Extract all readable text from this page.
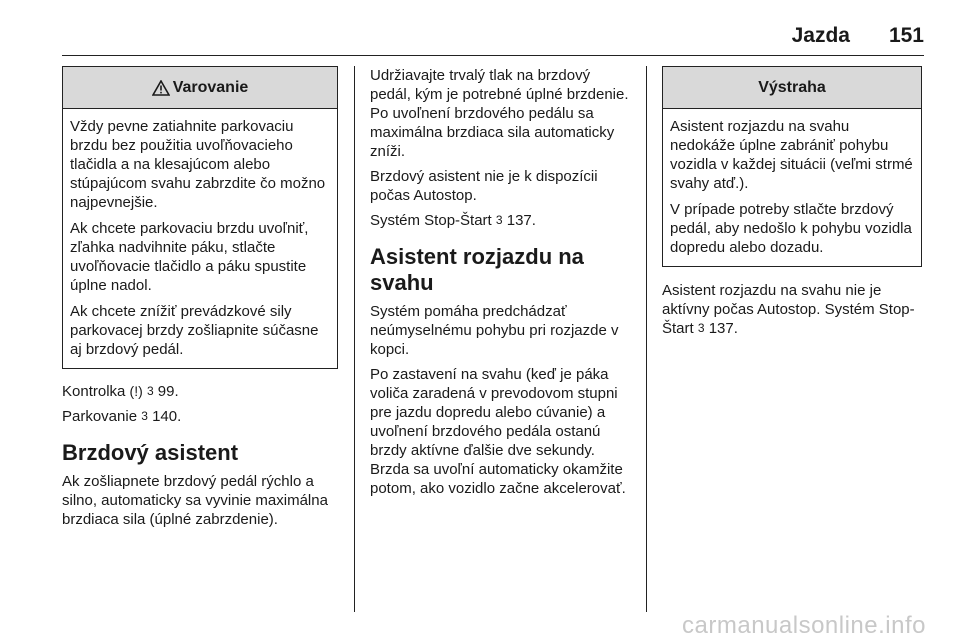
Jazda 151
Varovanie

Vždy pevne zatiahnite parkovaciu brzdu bez použitia uvoľňovacieho tlačidla a na klesajúcom alebo stúpajúcom svahu zabrzdite čo možno najpevnejšie.

Ak chcete parkovaciu brzdu uvoľniť, zľahka nadvihnite páku, stlačte uvoľňovacie tlačidlo a páku spustite úplne nadol.

Ak chcete znížiť prevádzkové sily parkovacej brzdy zošliapnite súčasne aj brzdový pedál.

Kontrolka (!) 3 99.

Parkovanie 3 140.

Brzdový asistent

Ak zošliapnete brzdový pedál rýchlo a silno, automaticky sa vyvinie maximálna brzdiaca sila (úplné zabrzdenie).

Udržiavajte trvalý tlak na brzdový pedál, kým je potrebné úplné brzdenie. Po uvoľnení brzdového pedálu sa maximálna brzdiaca sila automaticky zníži.

Brzdový asistent nie je k dispozícii počas Autostop.

Systém Stop-Štart 3 137.

Asistent rozjazdu na svahu

Systém pomáha predchádzať neúmyselnému pohybu pri rozjazde v kopci.

Po zastavení na svahu (keď je páka voliča zaradená v prevodovom stupni pre jazdu dopredu alebo cúvanie) a uvoľnení brzdového pedála ostanú brzdy aktívne ďalšie dve sekundy. Brzda sa uvoľní automaticky okamžite potom, ako vozidlo začne akcelerovať.

Výstraha

Asistent rozjazdu na svahu nedokáže úplne zabrániť pohybu vozidla v každej situácii (veľmi strmé svahy atď.).

V prípade potreby stlačte brzdový pedál, aby nedošlo k pohybu vozidla dopredu alebo dozadu.

Asistent rozjazdu na svahu nie je aktívny počas Autostop. Systém Stop-Štart 3 137.

carmanualsonline.info
